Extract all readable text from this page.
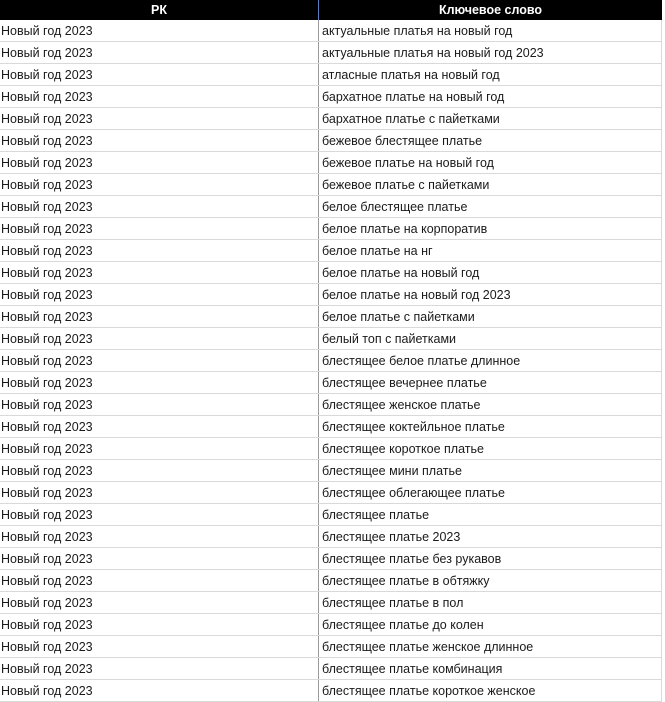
РК	Ключевое слово
Новый год 2023	актуальные платья на новый год
Новый год 2023	актуальные платья на новый год 2023
Новый год 2023	атласные платья на новый год
Новый год 2023	бархатное платье на новый год
Новый год 2023	бархатное платье с пайетками
Новый год 2023	бежевое блестящее платье
Новый год 2023	бежевое платье на новый год
Новый год 2023	бежевое платье с пайетками
Новый год 2023	белое блестящее платье
Новый год 2023	белое платье на корпоратив
Новый год 2023	белое платье на нг
Новый год 2023	белое платье на новый год
Новый год 2023	белое платье на новый год 2023
Новый год 2023	белое платье с пайетками
Новый год 2023	белый топ с пайетками
Новый год 2023	блестящее белое платье длинное
Новый год 2023	блестящее вечернее платье
Новый год 2023	блестящее женское платье
Новый год 2023	блестящее коктейльное платье
Новый год 2023	блестящее короткое платье
Новый год 2023	блестящее мини платье
Новый год 2023	блестящее облегающее платье
Новый год 2023	блестящее платье
Новый год 2023	блестящее платье 2023
Новый год 2023	блестящее платье без рукавов
Новый год 2023	блестящее платье в обтяжку
Новый год 2023	блестящее платье в пол
Новый год 2023	блестящее платье до колен
Новый год 2023	блестящее платье женское длинное
Новый год 2023	блестящее платье комбинация
Новый год 2023	блестящее платье короткое женское
